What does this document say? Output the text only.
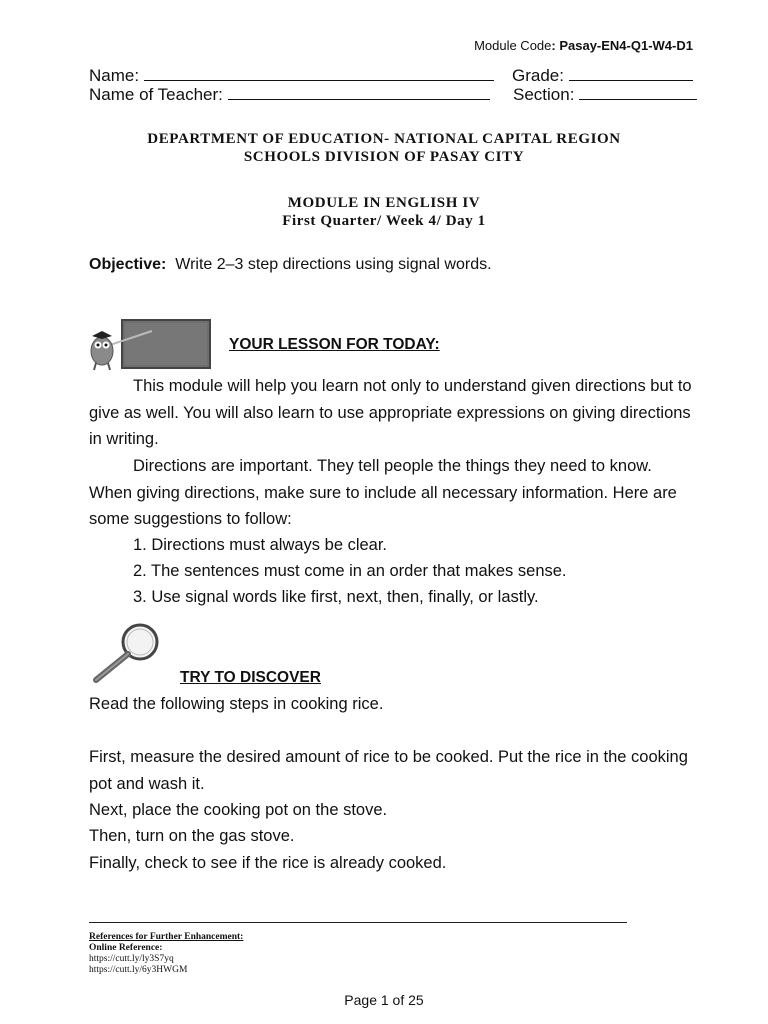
Module Code: Pasay-EN4-Q1-W4-D1
Name:	Grade:
Name of Teacher:	Section:
DEPARTMENT OF EDUCATION- NATIONAL CAPITAL REGION
SCHOOLS DIVISION OF PASAY CITY
MODULE IN ENGLISH IV
First Quarter/ Week 4/ Day 1
Objective: Write 2–3 step directions using signal words.
YOUR LESSON FOR TODAY:
This module will help you learn not only to understand given directions but to give as well. You will also learn to use appropriate expressions on giving directions in writing.
Directions are important. They tell people the things they need to know. When giving directions, make sure to include all necessary information. Here are some suggestions to follow:
1. Directions must always be clear.
2. The sentences must come in an order that makes sense.
3. Use signal words like first, next, then, finally, or lastly.
TRY TO DISCOVER
Read the following steps in cooking rice.
First, measure the desired amount of rice to be cooked. Put the rice in the cooking pot and wash it.
Next, place the cooking pot on the stove.
Then, turn on the gas stove.
Finally, check to see if the rice is already cooked.
References for Further Enhancement:
Online Reference:
https://cutt.ly/ly3S7yq
https://cutt.ly/6y3HWGM
Page 1 of 25
